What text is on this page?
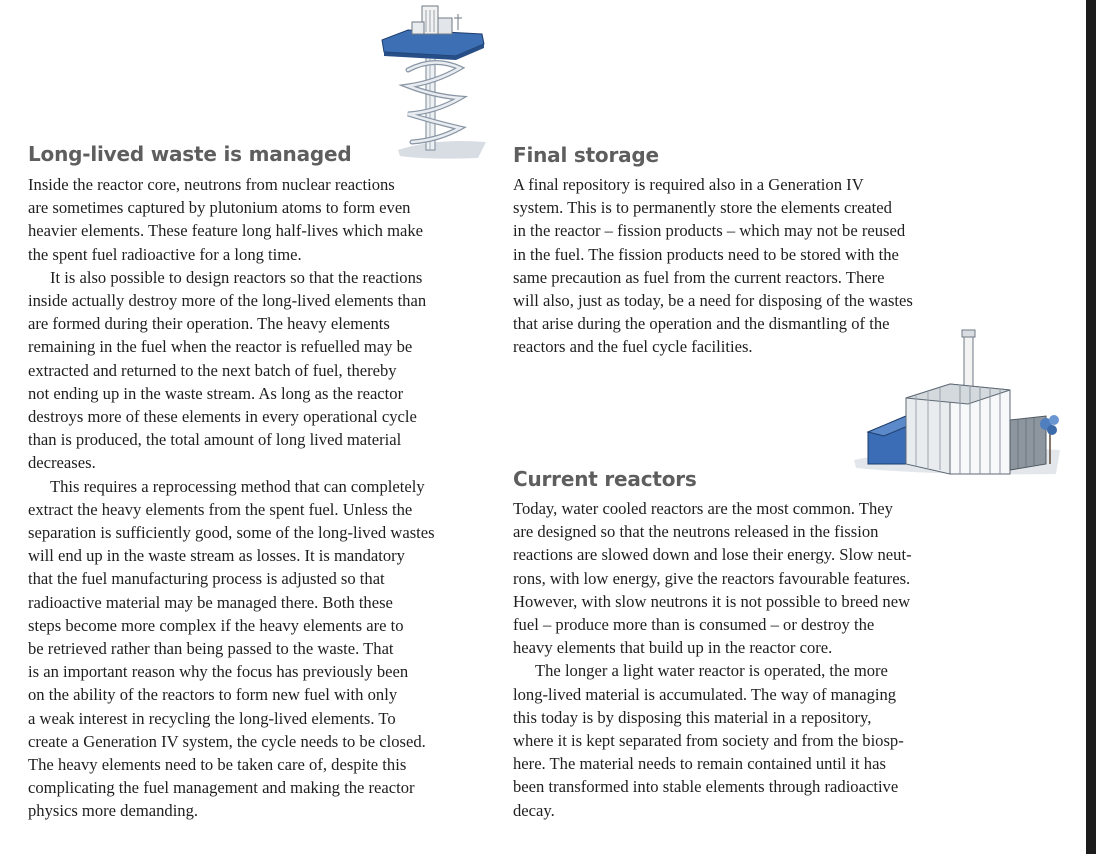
Long-lived waste is managed
Inside the reactor core, neutrons from nuclear reactions
are sometimes captured by plutonium atoms to form even
heavier elements. These feature long half-lives which make
the spent fuel radioactive for a long time.
It is also possible to design reactors so that the reactions
inside actually destroy more of the long-lived elements than
are formed during their operation. The heavy elements
remaining in the fuel when the reactor is refuelled may be
extracted and returned to the next batch of fuel, thereby
not ending up in the waste stream. As long as the reactor
destroys more of these elements in every operational cycle
than is produced, the total amount of long lived material
decreases.
This requires a reprocessing method that can completely
extract the heavy elements from the spent fuel. Unless the
separation is sufficiently good, some of the long-lived wastes
will end up in the waste stream as losses. It is mandatory
that the fuel manufacturing process is adjusted so that
radioactive material may be managed there. Both these
steps become more complex if the heavy elements are to
be retrieved rather than being passed to the waste. That
is an important reason why the focus has previously been
on the ability of the reactors to form new fuel with only
a weak interest in recycling the long-lived elements. To
create a Generation IV system, the cycle needs to be closed.
The heavy elements need to be taken care of, despite this
complicating the fuel management and making the reactor
physics more demanding.
Final storage
A final repository is required also in a Generation IV
system. This is to permanently store the elements created
in the reactor – fission products – which may not be reused
in the fuel. The fission products need to be stored with the
same precaution as fuel from the current reactors. There
will also, just as today, be a need for disposing of the wastes
that arise during the operation and the dismantling of the
reactors and the fuel cycle facilities.
Current reactors
Today, water cooled reactors are the most common. They
are designed so that the neutrons released in the fission
reactions are slowed down and lose their energy. Slow neut-
rons, with low energy, give the reactors favourable features.
However, with slow neutrons it is not possible to breed new
fuel – produce more than is consumed – or destroy the
heavy elements that build up in the reactor core.
The longer a light water reactor is operated, the more
long-lived material is accumulated. The way of managing
this today is by disposing this material in a repository,
where it is kept separated from society and from the biosp-
here. The material needs to remain contained until it has
been transformed into stable elements through radioactive
decay.
